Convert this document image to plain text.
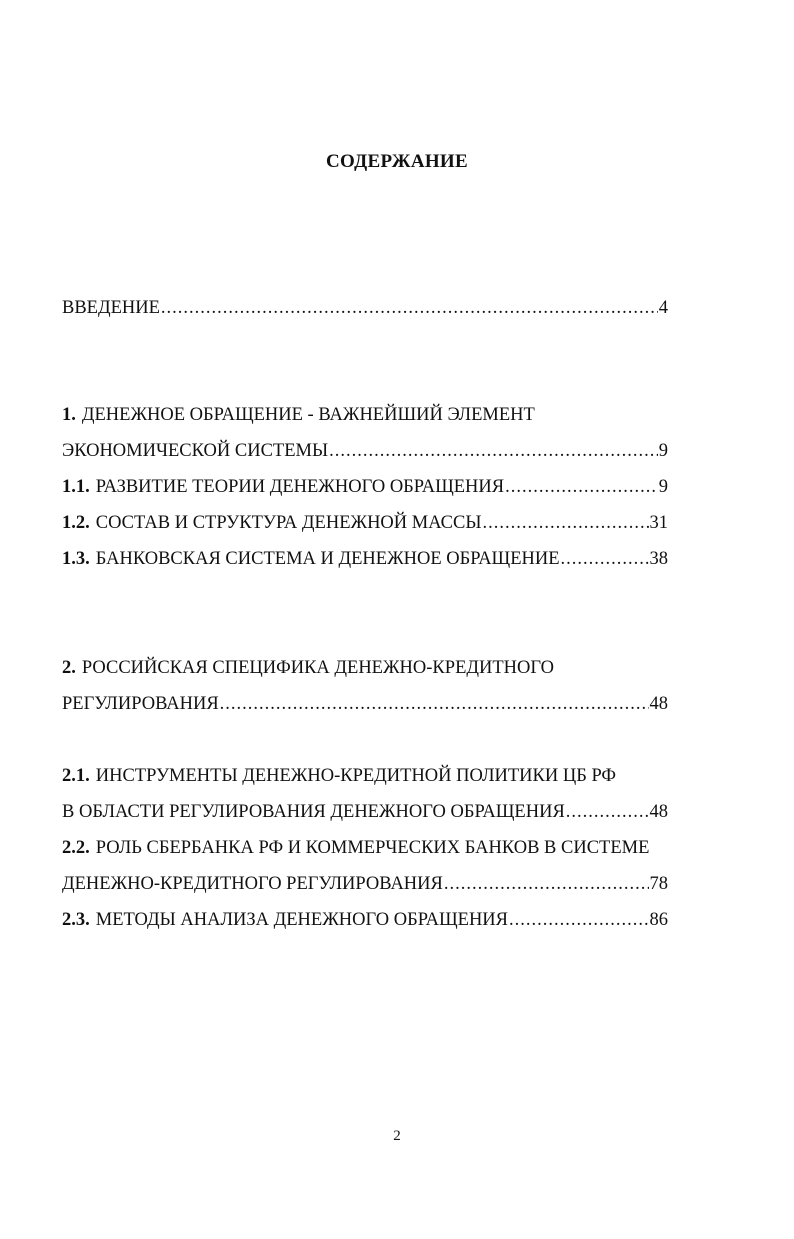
СОДЕРЖАНИЕ
ВВЕДЕНИЕ .....	4
1. ДЕНЕЖНОЕ ОБРАЩЕНИЕ - ВАЖНЕЙШИЙ ЭЛЕМЕНТ
ЭКОНОМИЧЕСКОЙ СИСТЕМЫ .....	9
1.1. РАЗВИТИЕ ТЕОРИИ ДЕНЕЖНОГО ОБРАЩЕНИЯ .....	9
1.2. СОСТАВ И СТРУКТУРА ДЕНЕЖНОЙ МАССЫ .....	31
1.3. БАНКОВСКАЯ СИСТЕМА И ДЕНЕЖНОЕ ОБРАЩЕНИЕ .....	38
2. РОССИЙСКАЯ СПЕЦИФИКА ДЕНЕЖНО-КРЕДИТНОГО
РЕГУЛИРОВАНИЯ .....	48
2.1. ИНСТРУМЕНТЫ ДЕНЕЖНО-КРЕДИТНОЙ ПОЛИТИКИ ЦБ РФ
В ОБЛАСТИ РЕГУЛИРОВАНИЯ ДЕНЕЖНОГО ОБРАЩЕНИЯ .....	48
2.2. РОЛЬ СБЕРБАНКА РФ И КОММЕРЧЕСКИХ БАНКОВ В СИСТЕМЕ
ДЕНЕЖНО-КРЕДИТНОГО РЕГУЛИРОВАНИЯ .....	78
2.3. МЕТОДЫ АНАЛИЗА ДЕНЕЖНОГО ОБРАЩЕНИЯ .....	86
2
